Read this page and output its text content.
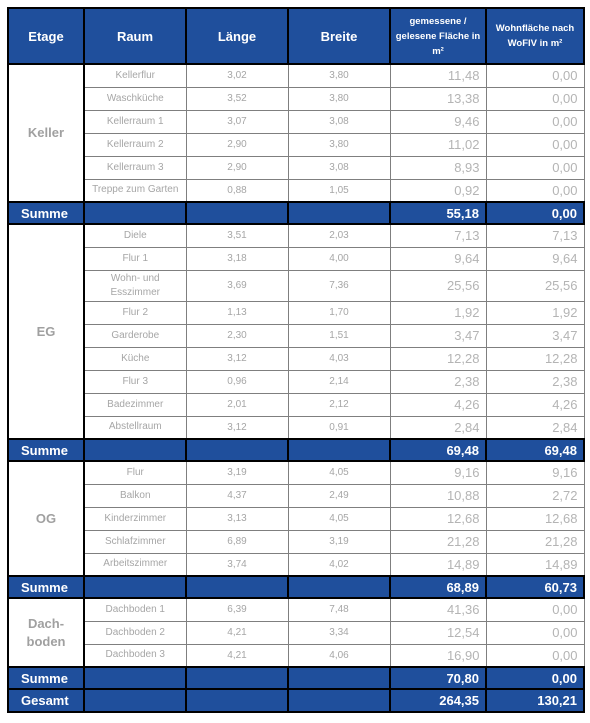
Etage	Raum	Länge	Breite	gemessene / gelesene Fläche in m²	Wohnfläche nach WoFlV in m²
Keller	Kellerflur	3,02	3,80	11,48	0,00
	Waschküche	3,52	3,80	13,38	0,00
	Kellerraum 1	3,07	3,08	9,46	0,00
	Kellerraum 2	2,90	3,80	11,02	0,00
	Kellerraum 3	2,90	3,08	8,93	0,00
	Treppe zum Garten	0,88	1,05	0,92	0,00
Summe				55,18	0,00
EG	Diele	3,51	2,03	7,13	7,13
	Flur 1	3,18	4,00	9,64	9,64
	Wohn- und Esszimmer	3,69	7,36	25,56	25,56
	Flur 2	1,13	1,70	1,92	1,92
	Garderobe	2,30	1,51	3,47	3,47
	Küche	3,12	4,03	12,28	12,28
	Flur 3	0,96	2,14	2,38	2,38
	Badezimmer	2,01	2,12	4,26	4,26
	Abstellraum	3,12	0,91	2,84	2,84
Summe				69,48	69,48
OG	Flur	3,19	4,05	9,16	9,16
	Balkon	4,37	2,49	10,88	2,72
	Kinderzimmer	3,13	4,05	12,68	12,68
	Schlafzimmer	6,89	3,19	21,28	21,28
	Arbeitszimmer	3,74	4,02	14,89	14,89
Summe				68,89	60,73
Dach-boden	Dachboden 1	6,39	7,48	41,36	0,00
	Dachboden 2	4,21	3,34	12,54	0,00
	Dachboden 3	4,21	4,06	16,90	0,00
Summe				70,80	0,00
Gesamt				264,35	130,21
